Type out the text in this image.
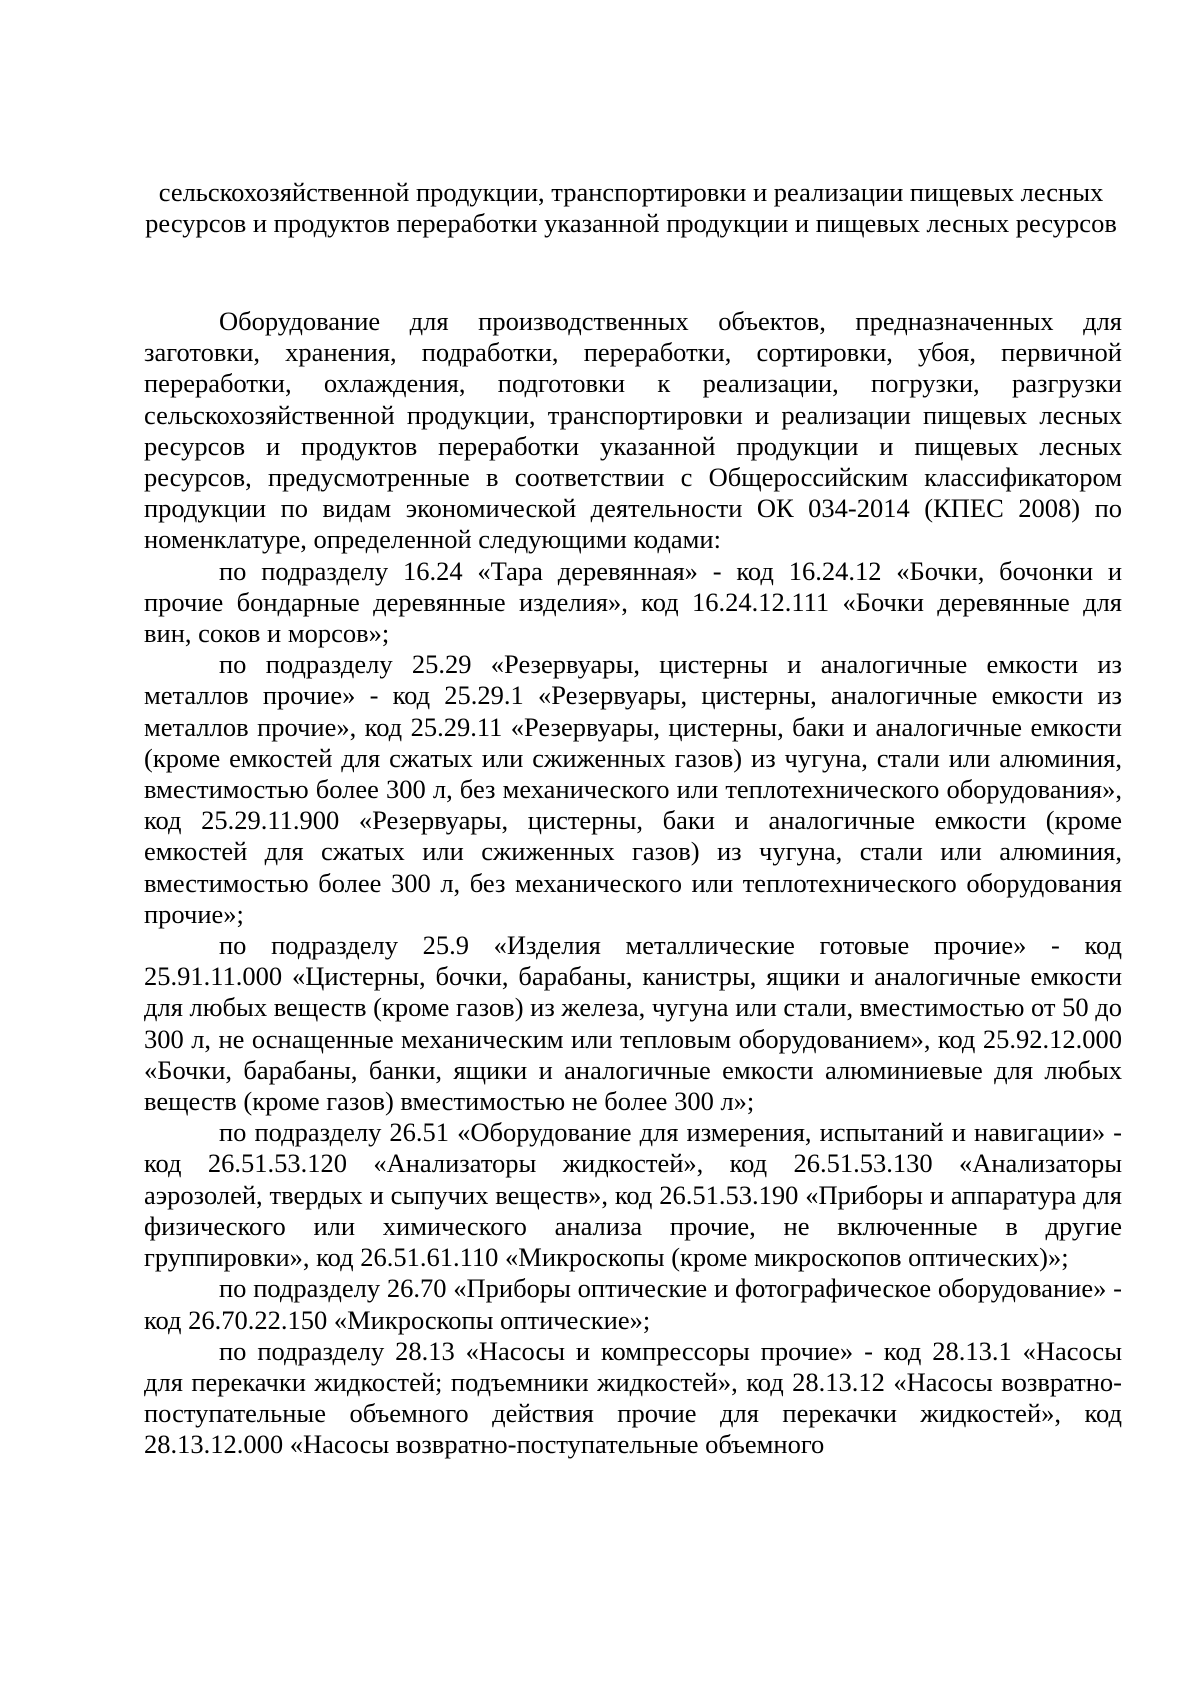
сельскохозяйственной продукции, транспортировки и реализации пищевых лесных ресурсов и продуктов переработки указанной продукции и пищевых лесных ресурсов

Оборудование для производственных объектов, предназначенных для заготовки, хранения, подработки, переработки, сортировки, убоя, первичной переработки, охлаждения, подготовки к реализации, погрузки, разгрузки сельскохозяйственной продукции, транспортировки и реализации пищевых лесных ресурсов и продуктов переработки указанной продукции и пищевых лесных ресурсов, предусмотренные в соответствии с Общероссийским классификатором продукции по видам экономической деятельности ОК 034-2014 (КПЕС 2008) по номенклатуре, определенной следующими кодами:

по подразделу 16.24 «Тара деревянная» - код 16.24.12 «Бочки, бочонки и прочие бондарные деревянные изделия», код 16.24.12.111 «Бочки деревянные для вин, соков и морсов»;

по подразделу 25.29 «Резервуары, цистерны и аналогичные емкости из металлов прочие» - код 25.29.1 «Резервуары, цистерны, аналогичные емкости из металлов прочие», код 25.29.11 «Резервуары, цистерны, баки и аналогичные емкости (кроме емкостей для сжатых или сжиженных газов) из чугуна, стали или алюминия, вместимостью более 300 л, без механического или теплотехнического оборудования», код 25.29.11.900 «Резервуары, цистерны, баки и аналогичные емкости (кроме емкостей для сжатых или сжиженных газов) из чугуна, стали или алюминия, вместимостью более 300 л, без механического или теплотехнического оборудования прочие»;

по подразделу 25.9 «Изделия металлические готовые прочие» - код 25.91.11.000 «Цистерны, бочки, барабаны, канистры, ящики и аналогичные емкости для любых веществ (кроме газов) из железа, чугуна или стали, вместимостью от 50 до 300 л, не оснащенные механическим или тепловым оборудованием», код 25.92.12.000 «Бочки, барабаны, банки, ящики и аналогичные емкости алюминиевые для любых веществ (кроме газов) вместимостью не более 300 л»;

по подразделу 26.51 «Оборудование для измерения, испытаний и навигации» - код 26.51.53.120 «Анализаторы жидкостей», код 26.51.53.130 «Анализаторы аэрозолей, твердых и сыпучих веществ», код 26.51.53.190 «Приборы и аппаратура для физического или химического анализа прочие, не включенные в другие группировки», код 26.51.61.110 «Микроскопы (кроме микроскопов оптических)»;

по подразделу 26.70 «Приборы оптические и фотографическое оборудование» - код 26.70.22.150 «Микроскопы оптические»;

по подразделу 28.13 «Насосы и компрессоры прочие» - код 28.13.1 «Насосы для перекачки жидкостей; подъемники жидкостей», код 28.13.12 «Насосы возвратно-поступательные объемного действия прочие для перекачки жидкостей», код 28.13.12.000 «Насосы возвратно-поступательные объемного
